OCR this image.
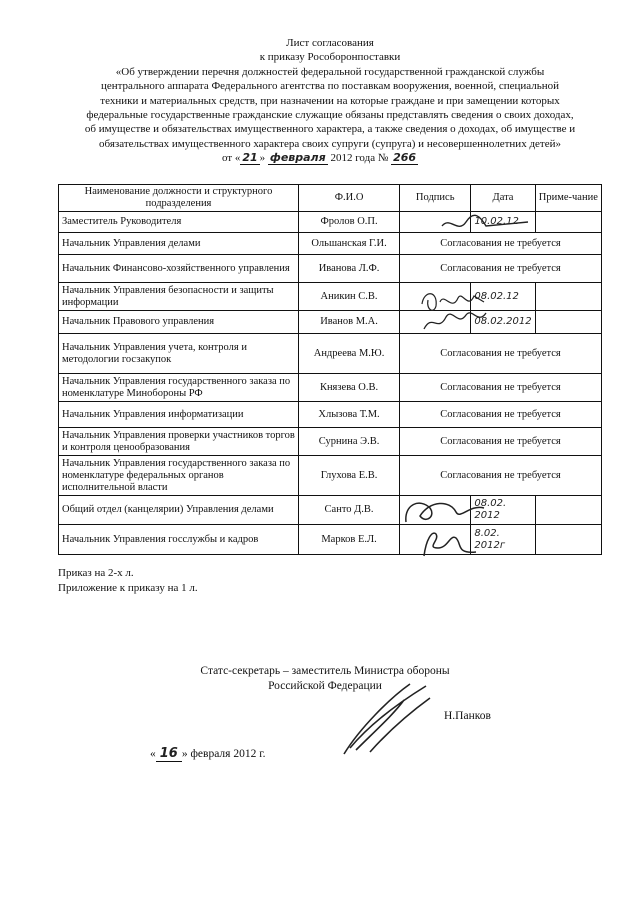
Лист согласования
к приказу Рособоронпоставки
«Об утверждении перечня должностей федеральной государственной гражданской службы
центрального аппарата Федерального агентства по поставкам вооружения, военной, специальной
техники и материальных средств, при назначении на которые граждане и при замещении которых
федеральные государственные гражданские служащие обязаны представлять сведения о своих доходах,
об имуществе и обязательствах имущественного характера, а также сведения о доходах, об имуществе и
обязательствах имущественного характера своих супруги (супруга) и несовершеннолетних детей»
от « 21 » февраля 2012 года № 266
Наименование должности и структурного подразделения	Ф.И.О	Подпись	Дата	Приме-чание
Заместитель Руководителя	Фролов О.П.		10.02.12	
Начальник Управления делами	Ольшанская Г.И.	Согласования не требуется		
Начальник Финансово-хозяйственного управления	Иванова Л.Ф.	Согласования не требуется		
Начальник Управления безопасности и защиты информации	Аникин С.В.		08.02.12	
Начальник Правового управления	Иванов М.А.		08.02.2012	
Начальник Управления учета, контроля и методологии госзакупок	Андреева М.Ю.	Согласования не требуется		
Начальник Управления государственного заказа по номенклатуре Минобороны РФ	Князева О.В.	Согласования не требуется		
Начальник Управления информатизации	Хлызова Т.М.	Согласования не требуется		
Начальник Управления проверки участников торгов и контроля ценообразования	Сурнина Э.В.	Согласования не требуется		
Начальник Управления государственного заказа по номенклатуре федеральных органов исполнительной власти	Глухова Е.В.	Согласования не требуется		
Общий отдел (канцелярии) Управления делами	Санто Д.В.		08.02. 2012	
Начальник Управления госслужбы и кадров	Марков Е.Л.		8.02. 2012г	
Приказ на 2-х л.
Приложение к приказу на 1 л.
Статс-секретарь – заместитель Министра обороны
Российской Федерации
Н.Панков
« 16 » февраля 2012 г.
